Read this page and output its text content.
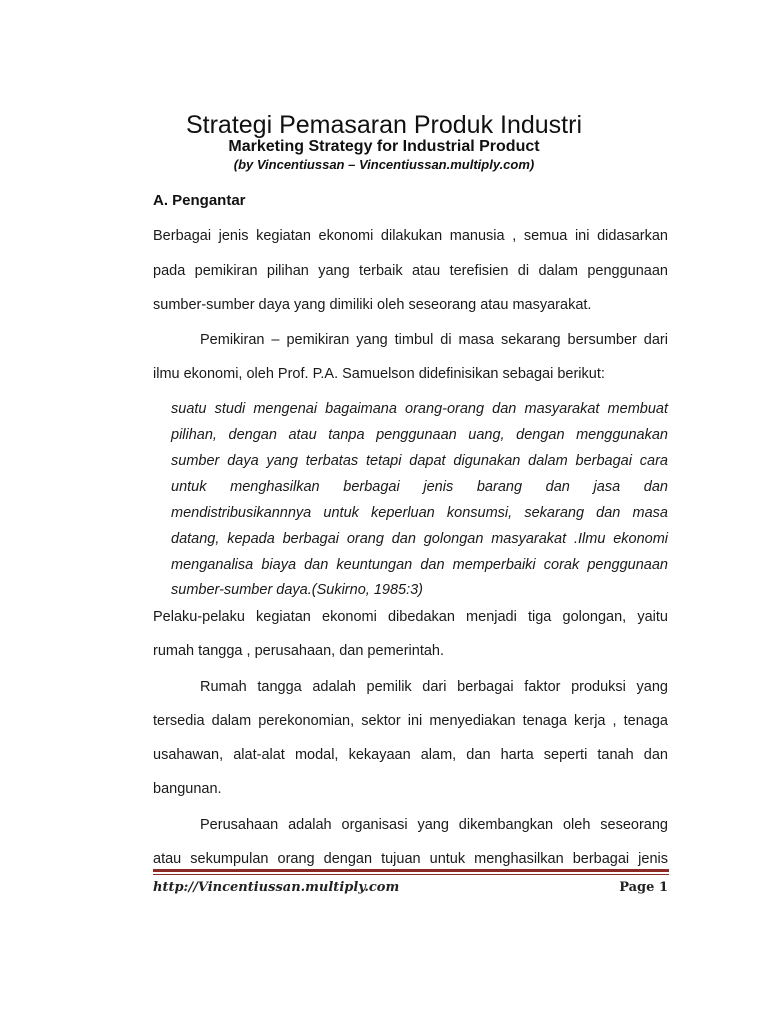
Strategi Pemasaran Produk Industri
Marketing Strategy for Industrial Product
(by Vincentiussan – Vincentiussan.multiply.com)
A. Pengantar
Berbagai jenis kegiatan ekonomi dilakukan manusia , semua ini didasarkan
pada pemikiran pilihan yang terbaik atau terefisien di dalam penggunaan
sumber-sumber daya yang dimiliki oleh seseorang atau masyarakat.
Pemikiran – pemikiran yang timbul di masa sekarang bersumber dari
ilmu ekonomi, oleh Prof. P.A. Samuelson didefinisikan sebagai berikut:
suatu studi mengenai bagaimana orang-orang dan masyarakat membuat
pilihan, dengan atau tanpa penggunaan uang, dengan menggunakan
sumber daya yang terbatas tetapi dapat digunakan dalam berbagai cara
untuk menghasilkan berbagai jenis barang dan jasa dan
mendistribusikannnya untuk keperluan konsumsi, sekarang dan masa
datang, kepada berbagai orang dan golongan masyarakat .Ilmu ekonomi
menganalisa biaya dan keuntungan dan memperbaiki corak penggunaan
sumber-sumber daya.(Sukirno, 1985:3)
Pelaku-pelaku kegiatan ekonomi dibedakan menjadi tiga golongan, yaitu
rumah tangga , perusahaan, dan pemerintah.
Rumah tangga adalah pemilik dari berbagai faktor produksi yang
tersedia dalam perekonomian, sektor ini menyediakan tenaga kerja , tenaga
usahawan, alat-alat modal, kekayaan alam, dan harta seperti tanah dan
bangunan.
Perusahaan adalah organisasi yang dikembangkan oleh seseorang
atau sekumpulan orang dengan tujuan untuk menghasilkan berbagai jenis
http://Vincentiussan.multiply.com	Page 1
